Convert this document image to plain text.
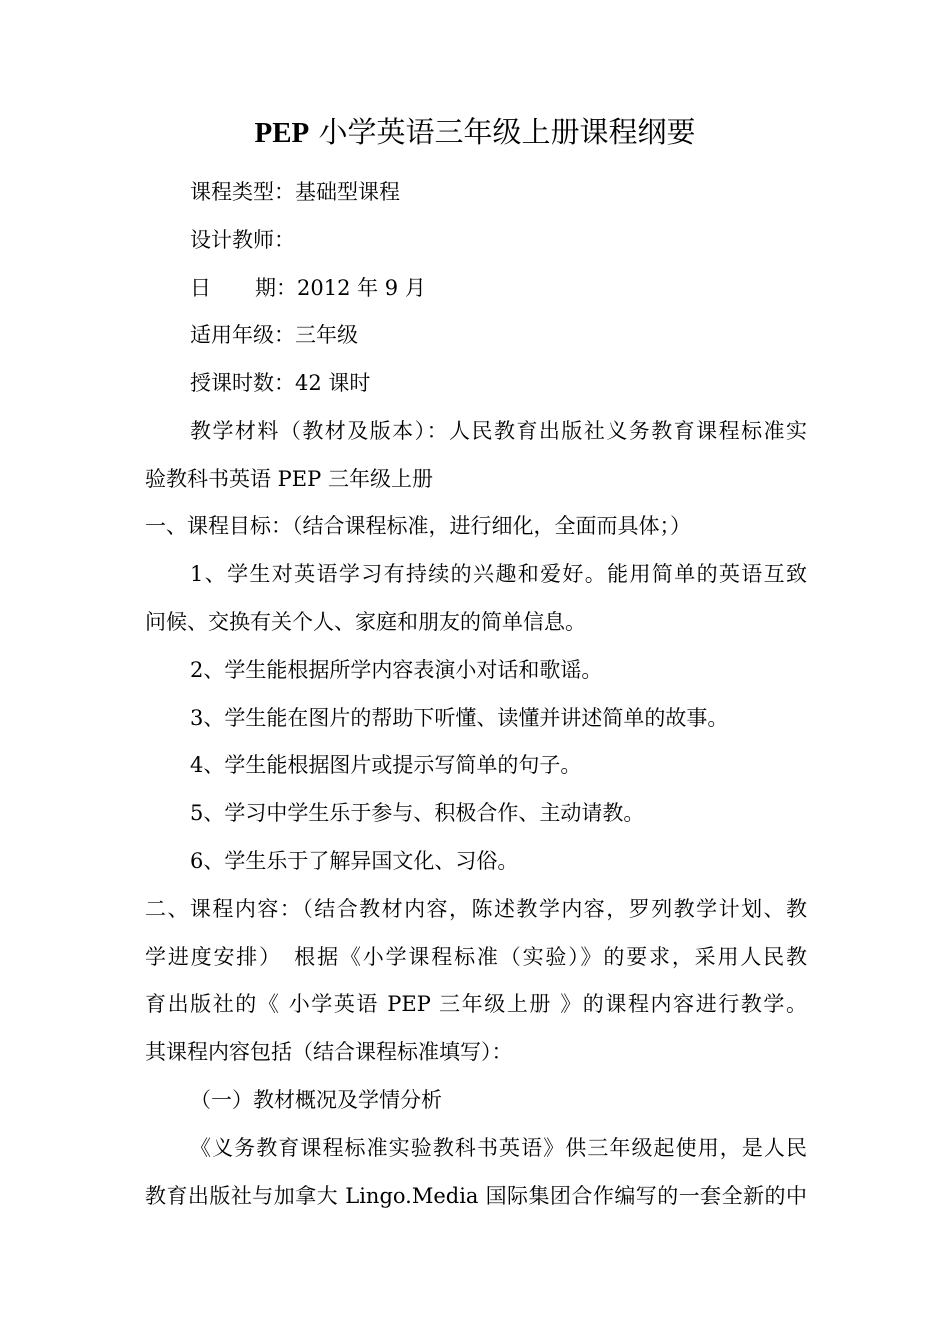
PEP 小学英语三年级上册课程纲要

课程类型：基础型课程

设计教师：

日 期：2012 年 9 月

适用年级：三年级

授课时数：42 课时

教学材料（教材及版本）：人民教育出版社义务教育课程标准实

验教科书英语 PEP 三年级上册

一、课程目标：（结合课程标准，进行细化，全面而具体；）

1、学生对英语学习有持续的兴趣和爱好。能用简单的英语互致

问候、交换有关个人、家庭和朋友的简单信息。

2、学生能根据所学内容表演小对话和歌谣。

3、学生能在图片的帮助下听懂、读懂并讲述简单的故事。

4、学生能根据图片或提示写简单的句子。

5、学习中学生乐于参与、积极合作、主动请教。

6、学生乐于了解异国文化、习俗。

二、课程内容：（结合教材内容，陈述教学内容，罗列教学计划、教

学进度安排）　根据《小学课程标准（实验）》的要求，采用人民教

育出版社的《 小学英语 PEP 三年级上册 》的课程内容进行教学。

其课程内容包括（结合课程标准填写）：

（一）教材概况及学情分析

《义务教育课程标准实验教科书英语》供三年级起使用，是人民

教育出版社与加拿大 Lingo.Media 国际集团合作编写的一套全新的中
